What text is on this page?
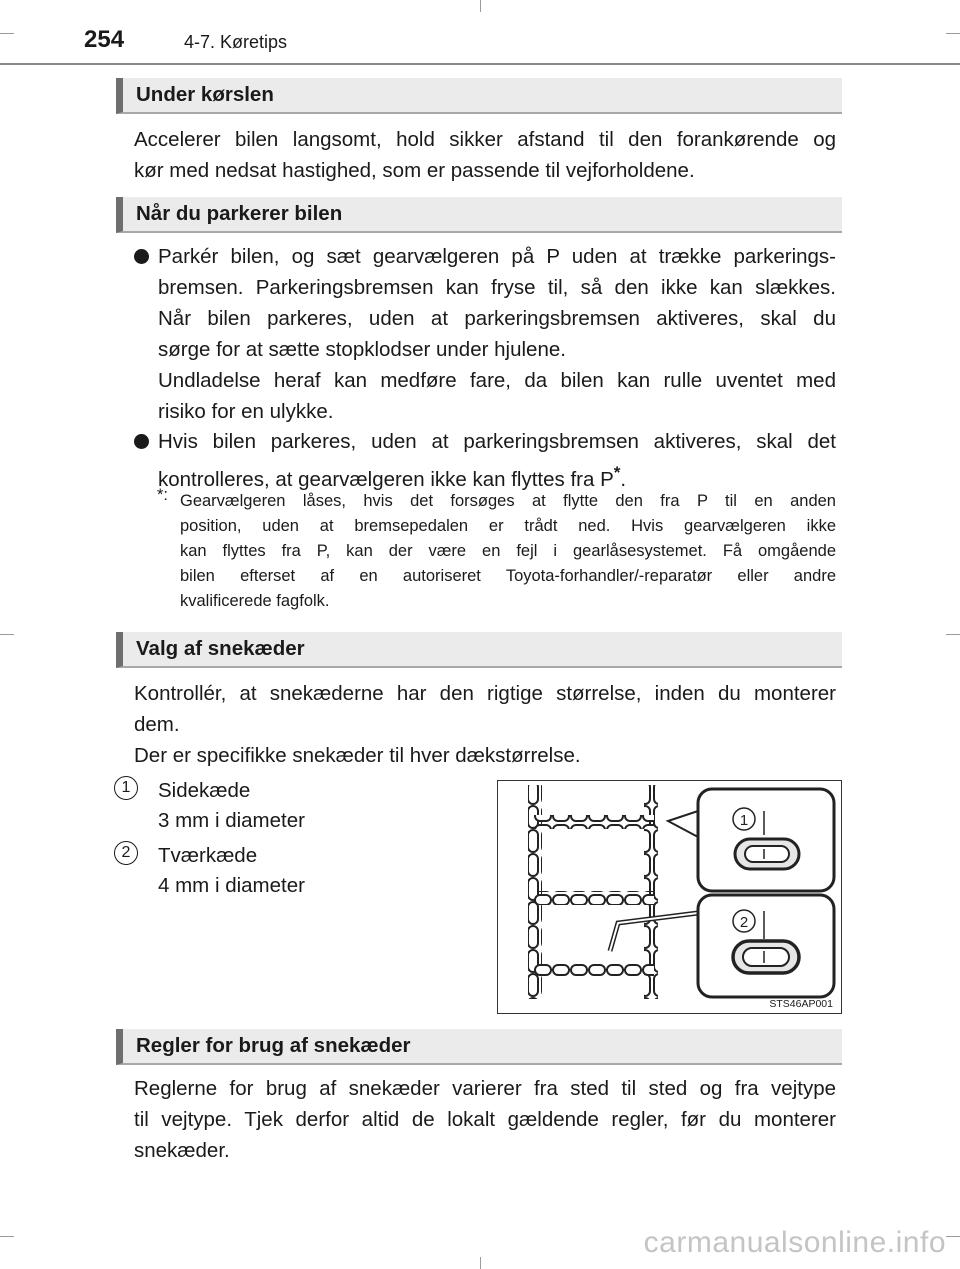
254	4-7. Køretips
Under kørslen
Accelerer bilen langsomt, hold sikker afstand til den forankørende og
kør med nedsat hastighed, som er passende til vejforholdene.
Når du parkerer bilen
Parkér bilen, og sæt gearvælgeren på P uden at trække parkerings-
bremsen. Parkeringsbremsen kan fryse til, så den ikke kan slækkes.
Når bilen parkeres, uden at parkeringsbremsen aktiveres, skal du
sørge for at sætte stopklodser under hjulene.
Undladelse heraf kan medføre fare, da bilen kan rulle uventet med
risiko for en ulykke.
Hvis bilen parkeres, uden at parkeringsbremsen aktiveres, skal det
kontrolleres, at gearvælgeren ikke kan flyttes fra P*.
*: Gearvælgeren låses, hvis det forsøges at flytte den fra P til en anden
position, uden at bremsepedalen er trådt ned. Hvis gearvælgeren ikke
kan flyttes fra P, kan der være en fejl i gearlåsesystemet. Få omgående
bilen efterset af en autoriseret Toyota-forhandler/-reparatør eller andre
kvalificerede fagfolk.
Valg af snekæder
Kontrollér, at snekæderne har den rigtige størrelse, inden du monterer
dem.
Der er specifikke snekæder til hver dækstørrelse.
1	Sidekæde
3 mm i diameter
2	Tværkæde
4 mm i diameter
1
2
STS46AP001
Regler for brug af snekæder
Reglerne for brug af snekæder varierer fra sted til sted og fra vejtype
til vejtype. Tjek derfor altid de lokalt gældende regler, før du monterer
snekæder.
carmanualsonline.info
